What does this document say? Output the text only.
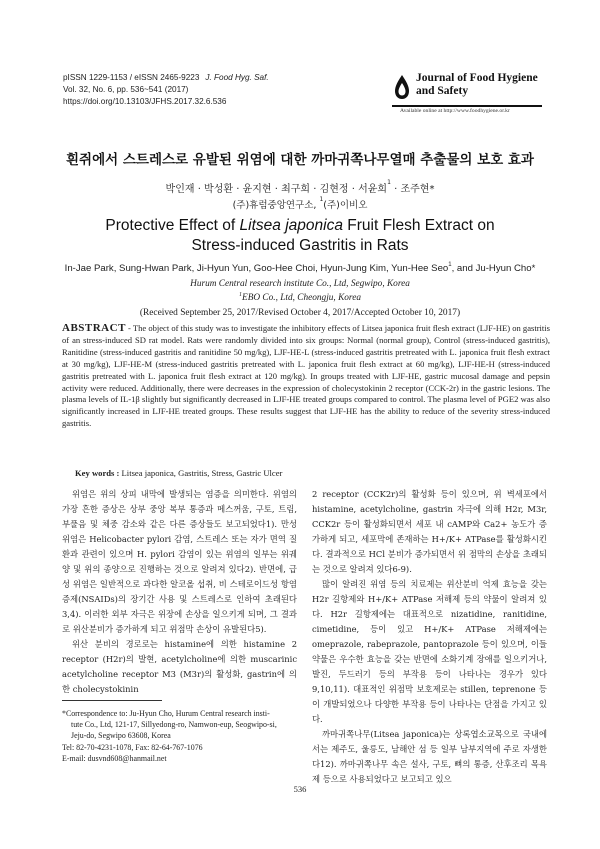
pISSN 1229-1153 / eISSN 2465-9223 J. Food Hyg. Saf.
Vol. 32, No. 6, pp. 536~541 (2017)
https://doi.org/10.13103/JFHS.2017.32.6.536
Journal of Food Hygiene
and Safety
Available online at http://www.foodhygiene.or.kr
흰쥐에서 스트레스로 유발된 위염에 대한 까마귀쪽나무열매 추출물의 보호 효과
박인재 · 박성환 · 윤지현 · 최구희 · 김현정 · 서윤희$^1$ · 조주현*
(주)휴럼중앙연구소, $^1$(주)이비오
Protective Effect of Litsea japonica Fruit Flesh Extract on
Stress-induced Gastritis in Rats
In-Jae Park, Sung-Hwan Park, Ji-Hyun Yun, Goo-Hee Choi, Hyun-Jung Kim, Yun-Hee Seo$^1$, and Ju-Hyun Cho*
Hurum Central research institute Co., Ltd, Segwipo, Korea
$^1$EBO Co., Ltd, Cheongju, Korea
(Received September 25, 2017/Revised October 4, 2017/Accepted October 10, 2017)
ABSTRACT - The object of this study was to investigate the inhibitory effects of Litsea japonica fruit flesh extract (LJF-HE) on gastritis of an stress-induced SD rat model. Rats were randomly divided into six groups: Normal (normal group), Control (stress-induced gastritis), Ranitidine (stress-induced gastritis and ranitidine 50 mg/kg), LJF-HE-L (stress-induced gastritis pretreated with L. japonica fruit flesh extract at 30 mg/kg), LJF-HE-M (stress-induced gastritis pretreated with L. japonica fruit flesh extract at 60 mg/kg), LJF-HE-H (stress-induced gastritis pretreated with L. japonica fruit flesh extract at 120 mg/kg). In groups treated with LJF-HE, gastric mucosal damage and pepsin activity were reduced. Additionally, there were decreases in the expression of cholecystokinin 2 receptor (CCK-2r) in the gastric lesions. The plasma levels of IL-1β slightly but significantly decreased in LJF-HE treated groups compared to control. The plasma level of PGE2 was also significantly increased in LJF-HE treated groups. These results suggest that LJF-HE has the ability to reduce of the severity stress-induced gastritis.
Key words : Litsea japonica, Gastritis, Stress, Gastric Ulcer

위염은 위의 상피 내막에 발생되는 염증을 의미한다. 위염의 가장 흔한 증상은 상부 중앙 복부 통증과 메스꺼움, 구토, 트림, 부풀음 및 체중 감소와 같은 다른 증상들도 보고되었다1). 만성 위염은 Helicobacter pylori 감염, 스트레스 또는 자가 면역 질환과 관련이 있으며 H. pylori 감염이 있는 위염의 일부는 위궤양 및 위의 종양으로 진행하는 것으로 알려져 있다2). 반면에, 급성 위염은 일반적으로 과다한 알코올 섭취, 비 스테로이드성 항염증제(NSAIDs)의 장기간 사용 및 스트레스로 인하여 초래된다3,4). 이러한 외부 자극은 위장에 손상을 일으키게 되며, 그 결과로 위산분비가 증가하게 되고 위점막 손상이 유발된다5).

위산 분비의 경로로는 histamine에 의한 histamine 2 receptor (H2r)의 발현, acetylcholine에 의한 muscarinic acetylcholine receptor M3 (M3r)의 활성화, gastrin에 의한 cholecystokinin

2 receptor (CCK2r)의 활성화 등이 있으며, 위 벽세포에서 histamine, acetylcholine, gastrin 자극에 의해 H2r, M3r, CCK2r 등이 활성화되면서 세포 내 cAMP와 Ca2+ 농도가 증가하게 되고, 세포막에 존재하는 H+/K+ ATPase를 활성화시킨다. 결과적으로 HCl 분비가 증가되면서 위 점막의 손상을 초래되는 것으로 알려져 있다6-9).

많이 알려진 위염 등의 치료제는 위산분비 억제 효능을 갖는 H2r 길항제와 H+/K+ ATPase 저해제 등의 약물이 알려져 있다. H2r 길항제에는 대표적으로 nizatidine, ranitidine, cimetidine, 등이 있고 H+/K+ ATPase 저해제에는 omeprazole, rabeprazole, pantoprazole 등이 있으며, 이들 약물은 우수한 효능을 갖는 반면에 소화기계 장애를 일으키거나, 발진, 두드러기 등의 부작용 등이 나타나는 경우가 있다9,10,11). 대표적인 위점막 보호제로는 stillen, teprenone 등이 개발되었으나 다양한 부작용 등이 나타나는 단점을 가지고 있다.

까마귀쪽나무(Litsea japonica)는 상록엽소교목으로 국내에서는 제주도, 울릉도, 남해안 섬 등 일부 남부지역에 주로 자생한다12). 까마귀쪽나무 속은 설사, 구토, 뼈의 통증, 산후조리 목욕제 등으로 사용되었다고 보고되고 있으

*Correspondence to: Ju-Hyun Cho, Hurum Central research insti-
tute Co., Ltd, 121-17, Sillyedong-ro, Namwon-eup, Seogwipo-si,
Jeju-do, Segwipo 63608, Korea
Tel: 82-70-4231-1078, Fax: 82-64-767-1076
E-mail: dusvnd608@hanmail.net
536
